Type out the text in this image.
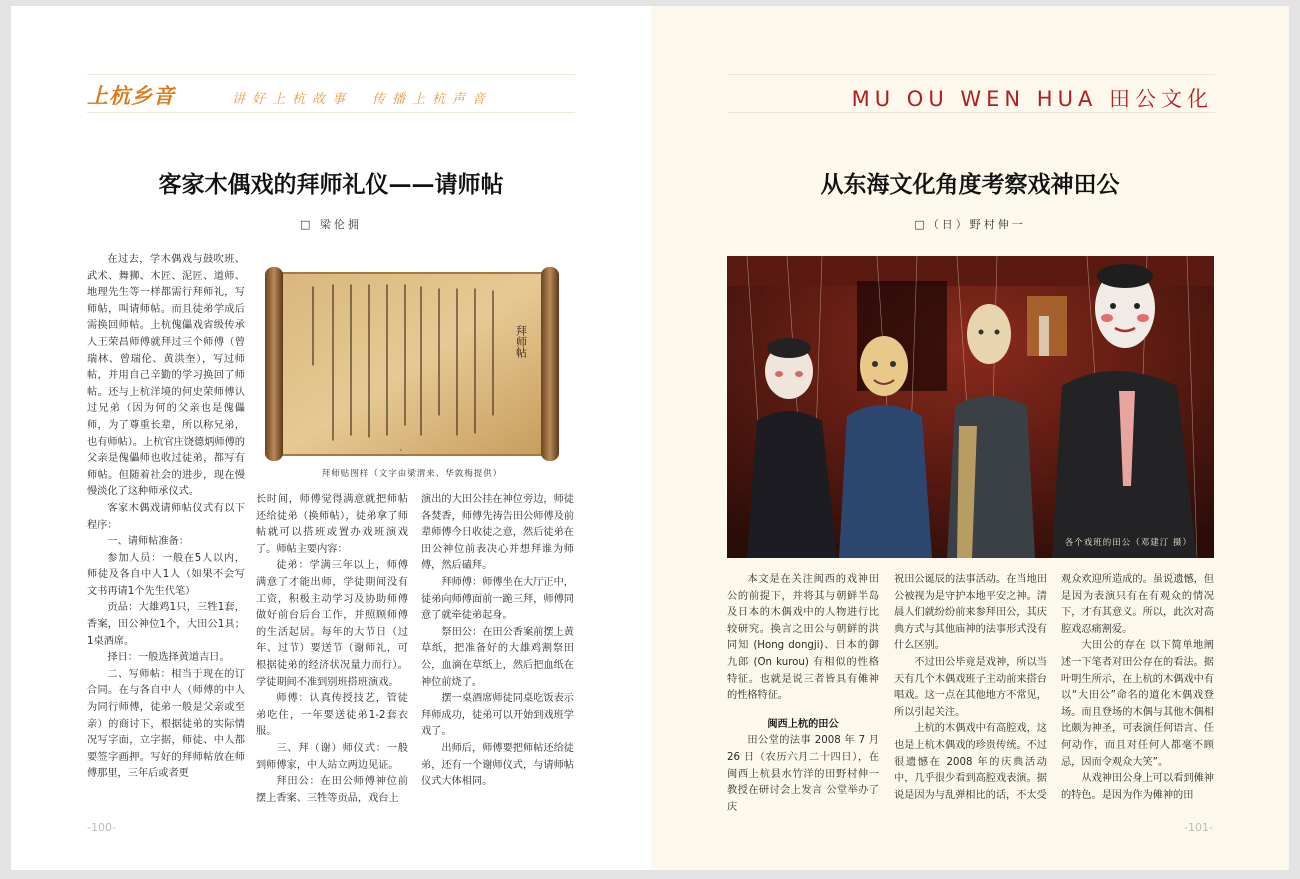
上杭乡音	讲好上杭故事　传播上杭声音
客家木偶戏的拜师礼仪——请师帖
□ 梁伦拥

在过去，学木偶戏与鼓吹班、武术、舞狮、木匠、泥匠、道师、地理先生等一样都需行拜师礼，写师帖，叫请师帖。而且徒弟学成后需换回师帖。上杭傀儡戏省级传承人王荣昌师傅就拜过三个师傅（曾瑞林、曾瑞伦、黄洪奎），写过师帖，并用自己辛勤的学习换回了师帖。还与上杭洋境的何史荣师傅认过兄弟（因为何的父亲也是傀儡师，为了尊重长辈，所以称兄弟，也有师帖）。上杭官庄饶德炳师傅的父亲是傀儡师也收过徒弟，都写有师帖。但随着社会的进步，现在慢慢淡化了这种师承仪式。

客家木偶戏请师帖仪式有以下程序：

一、请师帖准备：

参加人员：一般在5人以内，师徒及各自中人1人（如果不会写文书再请1个先生代笔）

贡品：大雄鸡1只，三牲1套，香案，田公神位1个，大田公1具；1桌酒席。

择日：一般选择黄道吉日。

二、写师帖：相当于现在的订合同。在与各自中人（师傅的中人为同行师傅，徒弟一般是父亲或至亲）的商讨下，根据徒弟的实际情况写字面，立字据，师徒、中人都要签字画押。写好的拜师帖放在师傅那里，三年后或者更

拜师帖
拜师贴图样（文字由梁渭来、华敦梅提供）

长时间，师傅觉得满意就把师帖还给徒弟（换师帖），徒弟拿了师帖就可以搭班或置办戏班演戏了。师帖主要内容：

徒弟：学满三年以上，师傅满意了才能出师，学徒期间没有工资，积极主动学习及协助师傅做好前台后台工作，并照顾师傅的生活起居。每年的大节日（过年、过节）要送节（谢师礼，可根据徒弟的经济状况量力而行）。学徒期间不准到别班搭班演戏。

师傅：认真传授技艺，管徒弟吃住，一年要送徒弟1-2套衣服。

三、拜（谢）师仪式：一般到师傅家，中人站立两边见证。

拜田公：在田公师傅神位前摆上香案、三牲等贡品，戏台上

演出的大田公挂在神位旁边，师徒各焚香，师傅先祷告田公师傅及前辈师傅今日收徒之意，然后徒弟在田公神位前表决心并想拜谁为师傅，然后磕拜。

拜师傅：师傅坐在大厅正中，徒弟向师傅面前一跪三拜，师傅同意了就牵徒弟起身。

祭田公：在田公香案前摆上黄草纸，把准备好的大雄鸡割祭田公，血滴在草纸上，然后把血纸在神位前烧了。

摆一桌酒席师徒同桌吃饭表示拜师成功，徒弟可以开始到戏班学戏了。

出师后，师傅要把师帖还给徒弟，还有一个谢师仪式，与请师帖仪式大体相同。

-100-
MU OU WEN HUA 田公文化
从东海文化角度考察戏神田公
□（日）野村伸一
各个戏班的田公（邓建汀 摄）

本文是在关注闽西的戏神田公的前提下，并将其与朝鲜半岛及日本的木偶戏中的人物进行比较研究。换言之田公与朝鲜的洪同知 (Hong dongji)、日本的御九郎 (On kurou) 有相似的性格特征。也就是说三者皆具有傩神的性格特征。

闽西上杭的田公

田公堂的法事 2008 年 7 月 26 日（农历六月二十四日），在闽西上杭县水竹洋的田野村伸一教授在研讨会上发言 公堂举办了庆

祝田公诞辰的法事活动。在当地田公被视为是守护本地平安之神。清晨人们就纷纷前来参拜田公，其庆典方式与其他庙神的法事形式没有什么区别。

不过田公毕竟是戏神，所以当天有几个木偶戏班子主动前来搭台唱戏。这一点在其他地方不常见，所以引起关注。

上杭的木偶戏中有高腔戏，这也是上杭木偶戏的珍贵传统。不过很遗憾在 2008 年的庆典活动中，几乎很少看到高腔戏表演。据说是因为与乱弹相比的话，不太受

观众欢迎所造成的。虽说遗憾，但是因为表演只有在有观众的情况下，才有其意义。所以，此次对高腔戏忍痛割爱。

大田公的存在 以下简单地阐述一下笔者对田公存在的看法。据叶明生所示，在上杭的木偶戏中有以“大田公”命名的道化木偶戏登场。而且登场的木偶与其他木偶相比颇为神圣，可表演任何语言、任何动作，而且对任何人都毫不顾忌，因而令观众大笑”。

从戏神田公身上可以看到傩神的特色。是因为作为傩神的田

-101-
